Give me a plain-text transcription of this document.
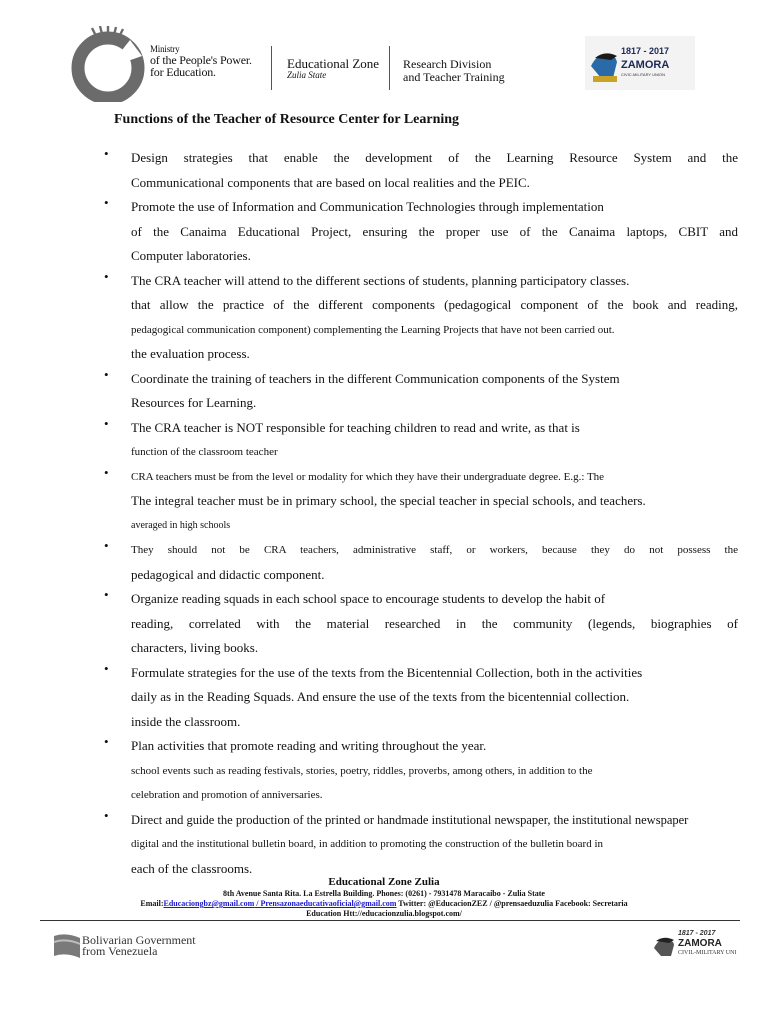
Ministry
of the People's Power.
for Education.
Educational Zone
Zulia State
Research Division
and Teacher Training
1817 - 2017
ZAMORA
CIVIC-MILITARY UNION
Functions of the Teacher of Resource Center for Learning
• Design strategies that enable the development of the Learning Resource System and the
Communicational components that are based on local realities and the PEIC.
• Promote the use of Information and Communication Technologies through implementation
of the Canaima Educational Project, ensuring the proper use of the Canaima laptops, CBIT and
Computer laboratories.
• The CRA teacher will attend to the different sections of students, planning participatory classes.
that allow the practice of the different components (pedagogical component of the book and reading,
pedagogical communication component) complementing the Learning Projects that have not been carried out.
the evaluation process.
• Coordinate the training of teachers in the different Communication components of the System
Resources for Learning.
• The CRA teacher is NOT responsible for teaching children to read and write, as that is
function of the classroom teacher
• CRA teachers must be from the level or modality for which they have their undergraduate degree. E.g.: The
The integral teacher must be in primary school, the special teacher in special schools, and teachers.
averaged in high schools
• They should not be CRA teachers, administrative staff, or workers, because they do not possess the
pedagogical and didactic component.
• Organize reading squads in each school space to encourage students to develop the habit of
reading, correlated with the material researched in the community (legends, biographies of
characters, living books.
• Formulate strategies for the use of the texts from the Bicentennial Collection, both in the activities
daily as in the Reading Squads. And ensure the use of the texts from the bicentennial collection.
inside the classroom.
• Plan activities that promote reading and writing throughout the year.
school events such as reading festivals, stories, poetry, riddles, proverbs, among others, in addition to the
celebration and promotion of anniversaries.
• Direct and guide the production of the printed or handmade institutional newspaper, the institutional newspaper
digital and the institutional bulletin board, in addition to promoting the construction of the bulletin board in
each of the classrooms.
Educational Zone Zulia
8th Avenue Santa Rita. La Estrella Building. Phones: (0261) - 7931478 Maracaibo - Zulia State
Email:Educaciongbz@gmail.com / Prensazonaeducativaoficial@gmail.com Twitter: @EducacionZEZ / @prensaeduzulia Facebook: Secretaria
Education Htt://educacionzulia.blogspot.com/
Bolivarian Government
from Venezuela
1817 - 2017
ZAMORA
CIVIL-MILITARY UNI
